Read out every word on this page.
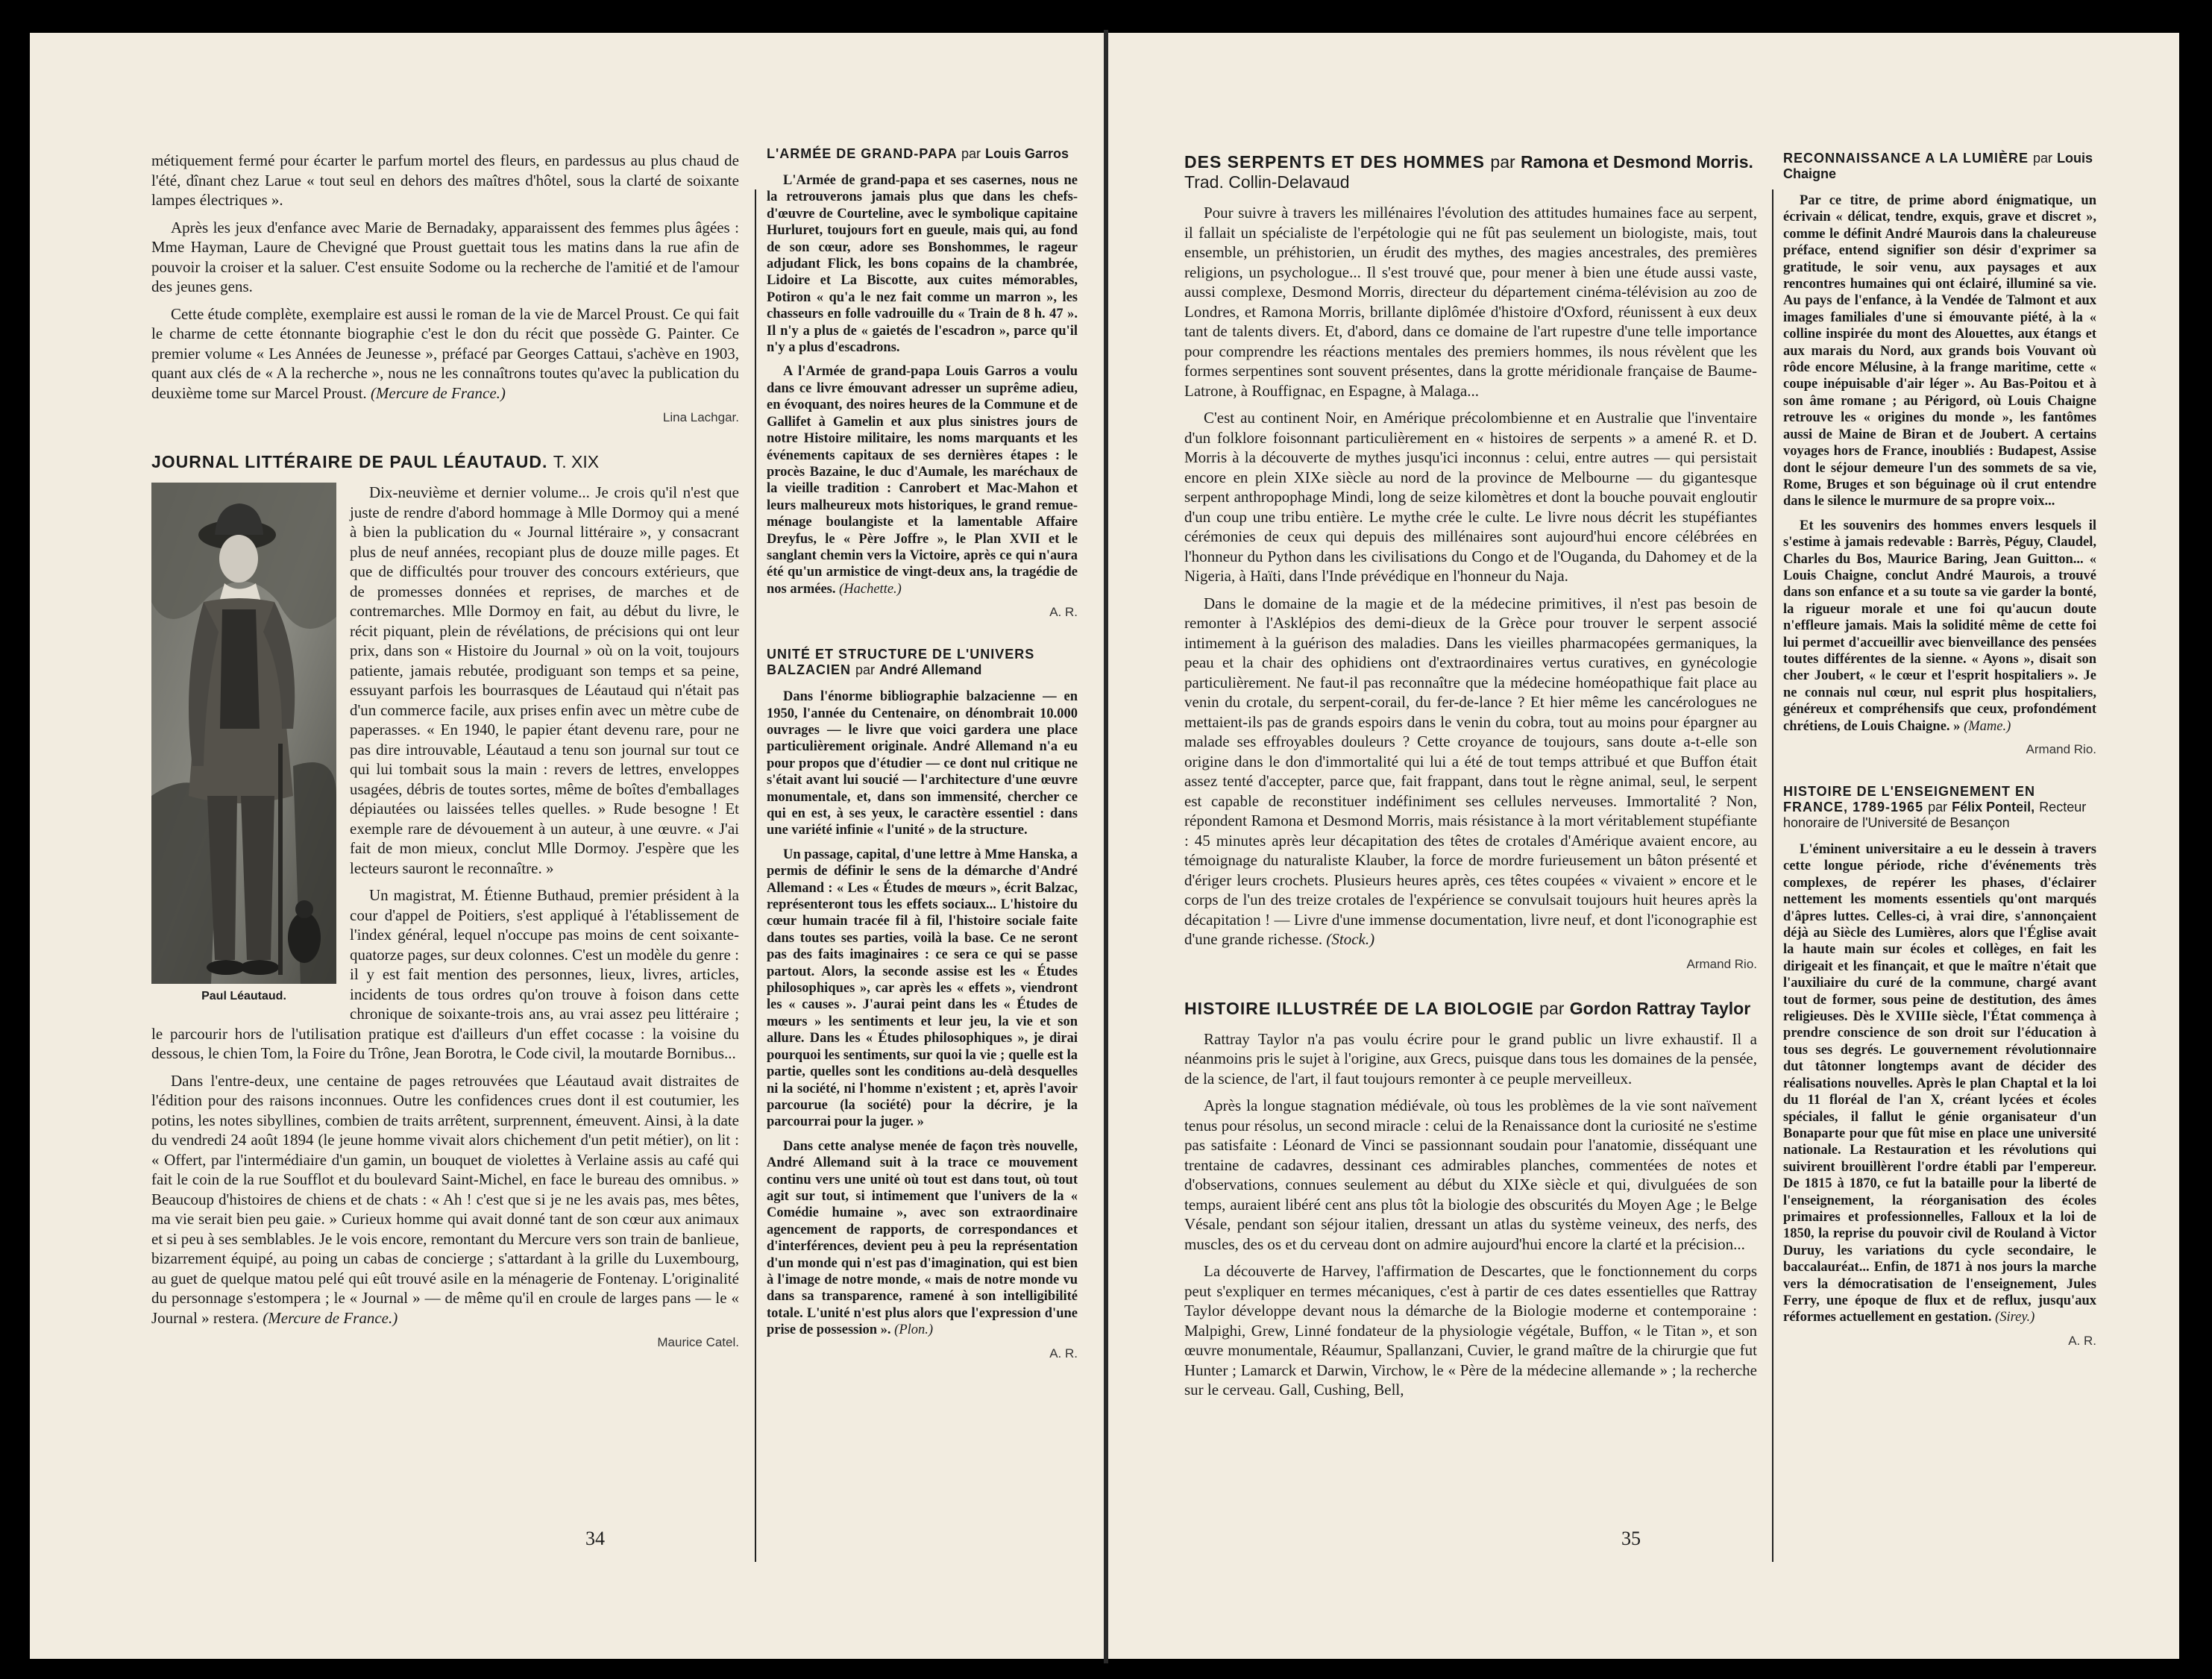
métiquement fermé pour écarter le parfum mortel des fleurs, en pardessus au plus chaud de l'été, dînant chez Larue « tout seul en dehors des maîtres d'hôtel, sous la clarté de soixante lampes électriques ».

Après les jeux d'enfance avec Marie de Bernadaky, apparaissent des femmes plus âgées : Mme Hayman, Laure de Chevigné que Proust guettait tous les matins dans la rue afin de pouvoir la croiser et la saluer. C'est ensuite Sodome ou la recherche de l'amitié et de l'amour des jeunes gens.

Cette étude complète, exemplaire est aussi le roman de la vie de Marcel Proust. Ce qui fait le charme de cette étonnante biographie c'est le don du récit que possède G. Painter. Ce premier volume « Les Années de Jeunesse », préfacé par Georges Cattaui, s'achève en 1903, quant aux clés de « A la recherche », nous ne les connaîtrons toutes qu'avec la publication du deuxième tome sur Marcel Proust. (Mercure de France.)

Lina Lachgar.
JOURNAL LITTÉRAIRE DE PAUL LÉAUTAUD. T. XIX
Paul Léautaud.

Dix-neuvième et dernier volume... Je crois qu'il n'est que juste de rendre d'abord hommage à Mlle Dormoy qui a mené à bien la publication du « Journal littéraire », y consacrant plus de neuf années, recopiant plus de douze mille pages. Et que de difficultés pour trouver des concours extérieurs, que de promesses données et reprises, de marches et de contremarches. Mlle Dormoy en fait, au début du livre, le récit piquant, plein de révélations, de précisions qui ont leur prix, dans son « Histoire du Journal » où on la voit, toujours patiente, jamais rebutée, prodiguant son temps et sa peine, essuyant parfois les bourrasques de Léautaud qui n'était pas d'un commerce facile, aux prises enfin avec un mètre cube de paperasses. « En 1940, le papier étant devenu rare, pour ne pas dire introuvable, Léautaud a tenu son journal sur tout ce qui lui tombait sous la main : revers de lettres, enveloppes usagées, débris de toutes sortes, même de boîtes d'emballages dépiautées ou laissées telles quelles. » Rude besogne ! Et exemple rare de dévouement à un auteur, à une œuvre. « J'ai fait de mon mieux, conclut Mlle Dormoy. J'espère que les lecteurs sauront le reconnaître. »

Un magistrat, M. Étienne Buthaud, premier président à la cour d'appel de Poitiers, s'est appliqué à l'établissement de l'index général, lequel n'occupe pas moins de cent soixante-quatorze pages, sur deux colonnes. C'est un modèle du genre : il y est fait mention des personnes, lieux, livres, articles, incidents de tous ordres qu'on trouve à foison dans cette chronique de soixante-trois ans, au vrai assez peu littéraire ; le parcourir hors de l'utilisation pratique est d'ailleurs d'un effet cocasse : la voisine du dessous, le chien Tom, la Foire du Trône, Jean Borotra, le Code civil, la moutarde Bornibus...

Dans l'entre-deux, une centaine de pages retrouvées que Léautaud avait distraites de l'édition pour des raisons inconnues. Outre les confidences crues dont il est coutumier, les potins, les notes sibyllines, combien de traits arrêtent, surprennent, émeuvent. Ainsi, à la date du vendredi 24 août 1894 (le jeune homme vivait alors chichement d'un petit métier), on lit : « Offert, par l'intermédiaire d'un gamin, un bouquet de violettes à Verlaine assis au café qui fait le coin de la rue Soufflot et du boulevard Saint-Michel, en face le bureau des omnibus. » Beaucoup d'histoires de chiens et de chats : « Ah ! c'est que si je ne les avais pas, mes bêtes, ma vie serait bien peu gaie. » Curieux homme qui avait donné tant de son cœur aux animaux et si peu à ses semblables. Je le vois encore, remontant du Mercure vers son train de banlieue, bizarrement équipé, au poing un cabas de concierge ; s'attardant à la grille du Luxembourg, au guet de quelque matou pelé qui eût trouvé asile en la ménagerie de Fontenay. L'originalité du personnage s'estompera ; le « Journal » — de même qu'il en croule de larges pans — le « Journal » restera. (Mercure de France.)

Maurice Catel.
L'ARMÉE DE GRAND-PAPA par Louis Garros

L'Armée de grand-papa et ses casernes, nous ne la retrouverons jamais plus que dans les chefs-d'œuvre de Courteline, avec le symbolique capitaine Hurluret, toujours fort en gueule, mais qui, au fond de son cœur, adore ses Bonshommes, le rageur adjudant Flick, les bons copains de la chambrée, Lidoire et La Biscotte, aux cuites mémorables, Potiron « qu'a le nez fait comme un marron », les chasseurs en folle vadrouille du « Train de 8 h. 47 ». Il n'y a plus de « gaietés de l'escadron », parce qu'il n'y a plus d'escadrons.

A l'Armée de grand-papa Louis Garros a voulu dans ce livre émouvant adresser un suprême adieu, en évoquant, des noires heures de la Commune et de Gallifet à Gamelin et aux plus sinistres jours de notre Histoire militaire, les noms marquants et les événements capitaux de ses dernières étapes : le procès Bazaine, le duc d'Aumale, les maréchaux de la vieille tradition : Canrobert et Mac-Mahon et leurs malheureux mots historiques, le grand remue-ménage boulangiste et la lamentable Affaire Dreyfus, le « Père Joffre », le Plan XVII et le sanglant chemin vers la Victoire, après ce qui n'aura été qu'un armistice de vingt-deux ans, la tragédie de nos armées. (Hachette.)

A. R.
UNITÉ ET STRUCTURE DE L'UNIVERS BALZACIEN par André Allemand

Dans l'énorme bibliographie balzacienne — en 1950, l'année du Centenaire, on dénombrait 10.000 ouvrages — le livre que voici gardera une place particulièrement originale. André Allemand n'a eu pour propos que d'étudier — ce dont nul critique ne s'était avant lui soucié — l'architecture d'une œuvre monumentale, et, dans son immensité, chercher ce qui en est, à ses yeux, le caractère essentiel : dans une variété infinie « l'unité » de la structure.

Un passage, capital, d'une lettre à Mme Hanska, a permis de définir le sens de la démarche d'André Allemand : « Les « Études de mœurs », écrit Balzac, représenteront tous les effets sociaux... L'histoire du cœur humain tracée fil à fil, l'histoire sociale faite dans toutes ses parties, voilà la base. Ce ne seront pas des faits imaginaires : ce sera ce qui se passe partout. Alors, la seconde assise est les « Études philosophiques », car après les « effets », viendront les « causes ». J'aurai peint dans les « Études de mœurs » les sentiments et leur jeu, la vie et son allure. Dans les « Études philosophiques », je dirai pourquoi les sentiments, sur quoi la vie ; quelle est la partie, quelles sont les conditions au-delà desquelles ni la société, ni l'homme n'existent ; et, après l'avoir parcourue (la société) pour la décrire, je la parcourrai pour la juger. »

Dans cette analyse menée de façon très nouvelle, André Allemand suit à la trace ce mouvement continu vers une unité où tout est dans tout, où tout agit sur tout, si intimement que l'univers de la « Comédie humaine », avec son extraordinaire agencement de rapports, de correspondances et d'interférences, devient peu à peu la représentation d'un monde qui n'est pas d'imagination, qui est bien à l'image de notre monde, « mais de notre monde vu dans sa transparence, ramené à son intelligibilité totale. L'unité n'est plus alors que l'expression d'une prise de possession ». (Plon.)

A. R.
34
DES SERPENTS ET DES HOMMES par Ramona et Desmond Morris. Trad. Collin-Delavaud

Pour suivre à travers les millénaires l'évolution des attitudes humaines face au serpent, il fallait un spécialiste de l'erpétologie qui ne fût pas seulement un biologiste, mais, tout ensemble, un préhistorien, un érudit des mythes, des magies ancestrales, des premières religions, un psychologue... Il s'est trouvé que, pour mener à bien une étude aussi vaste, aussi complexe, Desmond Morris, directeur du département cinéma-télévision au zoo de Londres, et Ramona Morris, brillante diplômée d'histoire d'Oxford, réunissent à eux deux tant de talents divers. Et, d'abord, dans ce domaine de l'art rupestre d'une telle importance pour comprendre les réactions mentales des premiers hommes, ils nous révèlent que les formes serpentines sont souvent présentes, dans la grotte méridionale française de Baume-Latrone, à Rouffignac, en Espagne, à Malaga...

C'est au continent Noir, en Amérique précolombienne et en Australie que l'inventaire d'un folklore foisonnant particulièrement en « histoires de serpents » a amené R. et D. Morris à la découverte de mythes jusqu'ici inconnus : celui, entre autres — qui persistait encore en plein XIXe siècle au nord de la province de Melbourne — du gigantesque serpent anthropophage Mindi, long de seize kilomètres et dont la bouche pouvait engloutir d'un coup une tribu entière. Le mythe crée le culte. Le livre nous décrit les stupéfiantes cérémonies de ceux qui depuis des millénaires sont aujourd'hui encore célébrées en l'honneur du Python dans les civilisations du Congo et de l'Ouganda, du Dahomey et de la Nigeria, à Haïti, dans l'Inde prévédique en l'honneur du Naja.

Dans le domaine de la magie et de la médecine primitives, il n'est pas besoin de remonter à l'Asklépios des demi-dieux de la Grèce pour trouver le serpent associé intimement à la guérison des maladies. Dans les vieilles pharmacopées germaniques, la peau et la chair des ophidiens ont d'extraordinaires vertus curatives, en gynécologie particulièrement. Ne faut-il pas reconnaître que la médecine homéopathique fait place au venin du crotale, du serpent-corail, du fer-de-lance ? Et hier même les cancérologues ne mettaient-ils pas de grands espoirs dans le venin du cobra, tout au moins pour épargner au malade ses effroyables douleurs ? Cette croyance de toujours, sans doute a-t-elle son origine dans le don d'immortalité qui lui a été de tout temps attribué et que Buffon était assez tenté d'accepter, parce que, fait frappant, dans tout le règne animal, seul, le serpent est capable de reconstituer indéfiniment ses cellules nerveuses. Immortalité ? Non, répondent Ramona et Desmond Morris, mais résistance à la mort véritablement stupéfiante : 45 minutes après leur décapitation des têtes de crotales d'Amérique avaient encore, au témoignage du naturaliste Klauber, la force de mordre furieusement un bâton présenté et d'ériger leurs crochets. Plusieurs heures après, ces têtes coupées « vivaient » encore et le corps de l'un des treize crotales de l'expérience se convulsait toujours huit heures après la décapitation ! — Livre d'une immense documentation, livre neuf, et dont l'iconographie est d'une grande richesse. (Stock.)

Armand Rio.
HISTOIRE ILLUSTRÉE DE LA BIOLOGIE par Gordon Rattray Taylor

Rattray Taylor n'a pas voulu écrire pour le grand public un livre exhaustif. Il a néanmoins pris le sujet à l'origine, aux Grecs, puisque dans tous les domaines de la pensée, de la science, de l'art, il faut toujours remonter à ce peuple merveilleux.

Après la longue stagnation médiévale, où tous les problèmes de la vie sont naïvement tenus pour résolus, un second miracle : celui de la Renaissance dont la curiosité ne s'estime pas satisfaite : Léonard de Vinci se passionnant soudain pour l'anatomie, disséquant une trentaine de cadavres, dessinant ces admirables planches, commentées de notes et d'observations, connues seulement au début du XIXe siècle et qui, divulguées de son temps, auraient libéré cent ans plus tôt la biologie des obscurités du Moyen Age ; le Belge Vésale, pendant son séjour italien, dressant un atlas du système veineux, des nerfs, des muscles, des os et du cerveau dont on admire aujourd'hui encore la clarté et la précision...

La découverte de Harvey, l'affirmation de Descartes, que le fonctionnement du corps peut s'expliquer en termes mécaniques, c'est à partir de ces dates essentielles que Rattray Taylor développe devant nous la démarche de la Biologie moderne et contemporaine : Malpighi, Grew, Linné fondateur de la physiologie végétale, Buffon, « le Titan », et son œuvre monumentale, Réaumur, Spallanzani, Cuvier, le grand maître de la chirurgie que fut Hunter ; Lamarck et Darwin, Virchow, le « Père de la médecine allemande » ; la recherche sur le cerveau. Gall, Cushing, Bell,

RECONNAISSANCE A LA LUMIÈRE par Louis Chaigne

Par ce titre, de prime abord énigmatique, un écrivain « délicat, tendre, exquis, grave et discret », comme le définit André Maurois dans la chaleureuse préface, entend signifier son désir d'exprimer sa gratitude, le soir venu, aux paysages et aux rencontres humaines qui ont éclairé, illuminé sa vie. Au pays de l'enfance, à la Vendée de Talmont et aux images familiales d'une si émouvante piété, à la « colline inspirée du mont des Alouettes, aux étangs et aux marais du Nord, aux grands bois Vouvant où rôde encore Mélusine, à la frange maritime, cette « coupe inépuisable d'air léger ». Au Bas-Poitou et à son âme romane ; au Périgord, où Louis Chaigne retrouve les « origines du monde », les fantômes aussi de Maine de Biran et de Joubert. A certains voyages hors de France, inoubliés : Budapest, Assise dont le séjour demeure l'un des sommets de sa vie, Rome, Bruges et son béguinage où il crut entendre dans le silence le murmure de sa propre voix...

Et les souvenirs des hommes envers lesquels il s'estime à jamais redevable : Barrès, Péguy, Claudel, Charles du Bos, Maurice Baring, Jean Guitton... « Louis Chaigne, conclut André Maurois, a trouvé dans son enfance et a su toute sa vie garder la bonté, la rigueur morale et une foi qu'aucun doute n'effleure jamais. Mais la solidité même de cette foi lui permet d'accueillir avec bienveillance des pensées toutes différentes de la sienne. « Ayons », disait son cher Joubert, « le cœur et l'esprit hospitaliers ». Je ne connais nul cœur, nul esprit plus hospitaliers, généreux et compréhensifs que ceux, profondément chrétiens, de Louis Chaigne. » (Mame.)

Armand Rio.
HISTOIRE DE L'ENSEIGNEMENT EN FRANCE, 1789-1965 par Félix Ponteil, Recteur honoraire de l'Université de Besançon

L'éminent universitaire a eu le dessein à travers cette longue période, riche d'événements très complexes, de repérer les phases, d'éclairer nettement les moments essentiels qu'ont marqués d'âpres luttes. Celles-ci, à vrai dire, s'annonçaient déjà au Siècle des Lumières, alors que l'Église avait la haute main sur écoles et collèges, en fait les dirigeait et les finançait, et que le maître n'était que l'auxiliaire du curé de la commune, chargé avant tout de former, sous peine de destitution, des âmes religieuses. Dès le XVIIIe siècle, l'État commença à prendre conscience de son droit sur l'éducation à tous ses degrés. Le gouvernement révolutionnaire dut tâtonner longtemps avant de décider des réalisations nouvelles. Après le plan Chaptal et la loi du 11 floréal de l'an X, créant lycées et écoles spéciales, il fallut le génie organisateur d'un Bonaparte pour que fût mise en place une université nationale. La Restauration et les révolutions qui suivirent brouillèrent l'ordre établi par l'empereur. De 1815 à 1870, ce fut la bataille pour la liberté de l'enseignement, la réorganisation des écoles primaires et professionnelles, Falloux et la loi de 1850, la reprise du pouvoir civil de Rouland à Victor Duruy, les variations du cycle secondaire, le baccalauréat... Enfin, de 1871 à nos jours la marche vers la démocratisation de l'enseignement, Jules Ferry, une époque de flux et de reflux, jusqu'aux réformes actuellement en gestation. (Sirey.)

A. R.
35
